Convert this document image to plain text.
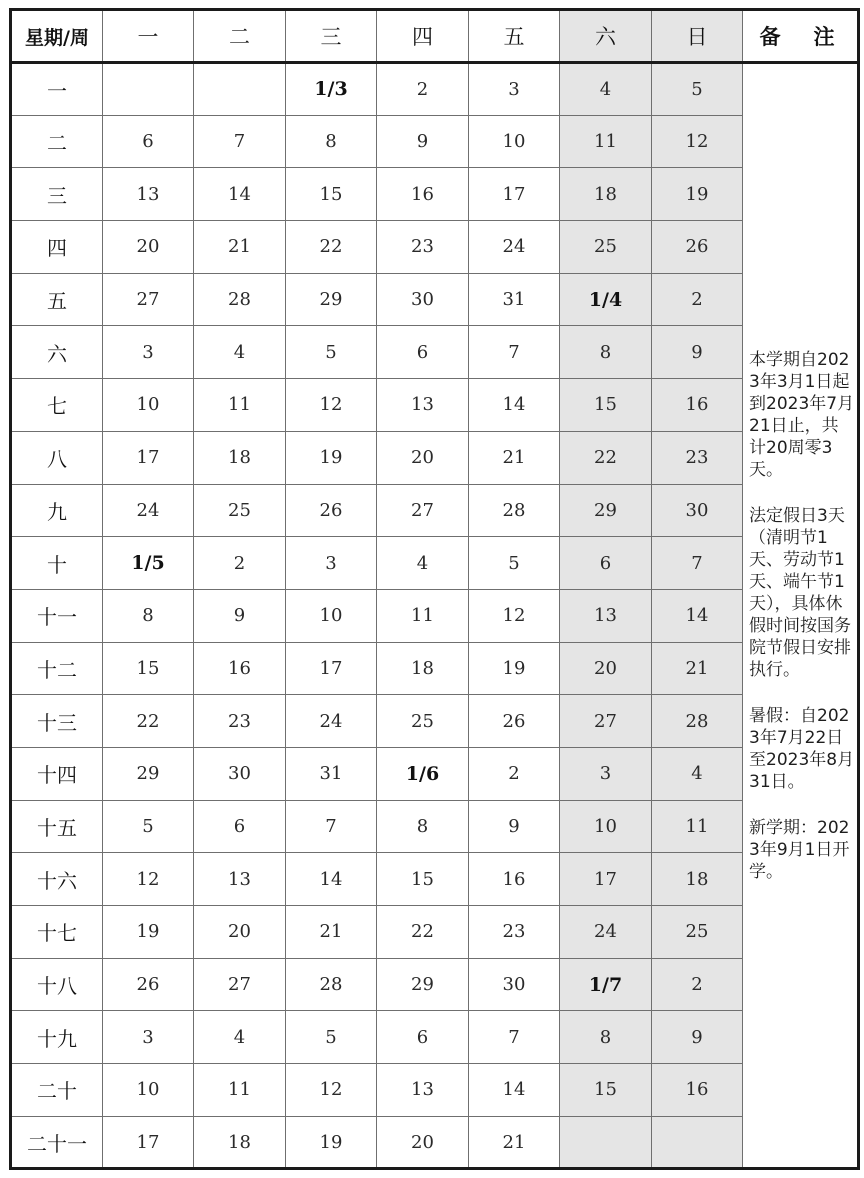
星期/周	一	二	三	四	五	六	日	备　注
一			1/3	2	3	4	5	本学期自2023年3月1日起到2023年7月21日止，共计20周零3天。
法定假日3天（清明节1天、劳动节1天、端午节1天），具体休假时间按国务院节假日安排执行。
暑假：自2023年7月22日至2023年8月31日。
新学期：2023年9月1日开学。

二	6	7	8	9	10	11	12	
三	13	14	15	16	17	18	19	
四	20	21	22	23	24	25	26	
五	27	28	29	30	31	1/4	2	
六	3	4	5	6	7	8	9	
七	10	11	12	13	14	15	16	
八	17	18	19	20	21	22	23	
九	24	25	26	27	28	29	30	
十	1/5	2	3	4	5	6	7	
十一	8	9	10	11	12	13	14	
十二	15	16	17	18	19	20	21	
十三	22	23	24	25	26	27	28	
十四	29	30	31	1/6	2	3	4	
十五	5	6	7	8	9	10	11	
十六	12	13	14	15	16	17	18	
十七	19	20	21	22	23	24	25	
十八	26	27	28	29	30	1/7	2	
十九	3	4	5	6	7	8	9	
二十	10	11	12	13	14	15	16	
二十一	17	18	19	20	21			
